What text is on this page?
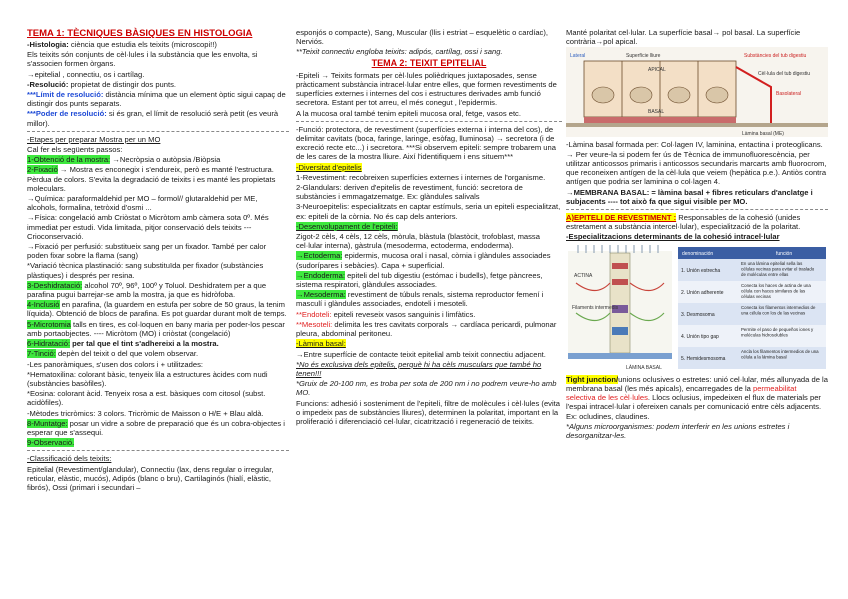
TEMA 1: TÈCNIQUES BÀSIQUES EN HISTOLOGIA

-Histologia: ciència que estudia els teixits (microscopi!!)

Els teixits són conjunts de cèl·lules i la substància que les envolta, si s'associen formen òrgans.

→epitelial , connectiu, os i cartílag.

-Resolució: propietat de distingir dos punts.

***Límit de resolució: distància mínima que un element òptic sigui capaç de distingir dos punts separats.

***Poder de resolució: si és gran, el límit de resolució serà petit (es veurà millor).

-Etapes per preparar Mostra per un MO

Cal fer els següents passos:

1-Obtenció de la mostra: →Necròpsia o autòpsia /Biòpsia

2-Fixació → Mostra es enconegix i s'endureix, però es manté l'estructura. Pèrdua de colors. S'evita la degradació de teixits i es manté les propietats moleculars.

→Química: paraformaldehid per MO – formol// glutaraldehid per ME, alcohols, formalina, tetròxid d'osmi ...

→Física: congelació amb Criòstat o Micròtom amb càmera sota 0º. Més immediat per estudi. Vida limitada, pitjor conservació dels teixits --- Crioconservació.

→Fixació per perfusió: substitueix sang per un fixador. També per calor poden fixar sobre la flama (sang)

*Variació tècnica plastinació: sang substituïda per fixador (substàncies plàstiques) i després per resina.

3-Deshidratació: alcohol 70º, 96º, 100º y Toluol. Deshidratem per a que parafina pugui barrejar-se amb la mostra, ja que es hidròfoba.

4-Inclusió en parafina, (la guardem en estufa per sobre de 50 graus, la tenim líquida). Obtenció de blocs de parafina. Es pot guardar durant molt de temps.

5-Microtomia talls en tires, es col·loquen en bany maria per poder-los pescar amb portaobjectes. ---- Micròtom (MO) i criòstat (congelació)

6-Hidratació: per tal que el tint s'adhereixi a la mostra.

7-Tinció: depèn del teixit o del que volem observar.

-Les panoràmiques, s'usen dos colors i + utilitzades:

*Hematoxilina: colorant bàsic, tenyeix lila a estructures àcides com nudi (substàncies basòfiles).

*Eosina: colorant àcid. Tenyeix rosa a est. bàsiques com citosol (subst. acidòfiles).

-Mètodes tricròmics: 3 colors. Tricròmic de Maisson o H/E + Blau aldà.

8-Muntatge: posar un vidre a sobre de preparació que és un cobra-objectes i esperar que s'assequi.

9-Observació.

-Classificació dels teixits:

Epitelial (Revestiment/glandular), Connectiu (lax, dens regular o irregular, reticular, elàstic, mucós), Adipós (blanc o bru), Cartilaginós (hialí, elàstic, fibrós), Ossi (primari i secundari –

esponjós o compacte), Sang, Muscular (llis i estriat – esquelètic o cardíac), Nerviós.

**Teixit connectiu engloba teixits: adipós, cartílag, ossi i sang.

TEMA 2: TEIXIT EPITELIAL

-Epiteli → Teixits formats per cèl·lules polièdriques juxtaposades, sense pràcticament substància intracel·lular entre elles, que formen revestiments de superfícies externes i internes del cos i estructures derivades amb funció secretora. Estant per tot arreu, el més conegut , l'epidermis.

A la mucosa oral també tenim epiteli mucosa oral, fetge, vasos etc.

-Funció: protectora, de revestiment (superfícies externa i interna del cos), de delimitar cavitats (boca, faringe, laringe, esòfag, lluminosa) → secretora (i de excreció recte etc...) i secretora. ***Si observem epiteli: sempre trobarem una de les cares de la mostra lliure. Així l'identifiquem i ens situem***

-Diversitat d'epitelis

1-Revestiment: recobreixen superfícies externes i internes de l'organisme.

2-Glandulars: deriven d'epitelis de revestiment, funció: secretora de substàncies i emmagatzematge. Ex: glàndules salivals

3-Neuroepitelis: especialitzats en captar estímuls, seria un epiteli especialitzat, ex: epiteli de la còrnia. No és cap dels anteriors.

-Desenvolupament de l'epiteli:

Zigot-2 cèls, 4 cèls, 12 cèls, mòrula, blàstula (blastòcit, trofoblast, massa cel·lular interna), gàstrula (mesoderma, ectoderma, endoderma).

→Ectoderma: epidermis, mucosa oral i nasal, còrnia i glàndules associades (sudorípares i sebàcies). Capa + superficial.

→Endoderma: epiteli del tub digestiu (estómac i budells), fetge pàncrees, sistema respiratori, glàndules associades.

→Mesoderma: revestiment de túbuls renals, sistema reproductor femení i masculí i glàndules associades, endoteli i mesoteli.

**Endoteli: epiteli reveseix vasos sanguinis i limfàtics.

**Mesoteli: delimita les tres cavitats corporals → cardíaca pericardi, pulmonar pleura, abdominal peritoneu.

-Làmina basal:

→Entre superfície de contacte teixit epitelial amb teixit connectiu adjacent.

*No és exclusiva dels epitelis, perquè hi ha cèls musculars que també ho tenen!!!

*Gruix de 20-100 nm, es troba per sota de 200 nm i no podrem veure-ho amb MO.

Funcions: adhesió i sosteniment de l'epiteli, filtre de molècules i cèl·lules (evita o impedeix pas de substàncies lliures), determinen la polaritat, important en la proliferació i diferenciació cel·lular, cicatrització i regeneració de teixits.

Manté polaritat cel·lular. La superfície basal→ pol basal. La superfície contrària→pol apical.

Lateral	Superfície lliure
APICAL
BASAL
Substàncies del tub digestiu
Cèl·lula del tub digestiu
Basolateral
Làmina basal (ME)

-Làmina basal formada per: Col·lagen IV, laminina, entactina i proteoglicans.

→ Per veure-la si podem fer ús de Tècnica de immunofluorescència, per utilitzar anticossos primaris i anticossos secundaris marcarts amb fluorocrom, que reconeixen antígen de la cèl·lula que veiem (hepàtica p.e.). Antiòs contra antígen que podria ser laminina o col·lagen 4.

→MEMBRANA BASAL: = làmina basal + fibres reticulars d'anclatge i subjacents ---- tot això fa que sigui visible per MO.

A)EPITELI DE REVESTIMENT : Responsables de la cohesió (unides estretament a substància intercel·lular), especialització de la polaritat.

-Especialitzacions determinants de la cohesió intracel·lular

ACTINA
Filaments intermedis
LÀMINA BASAL
denominación	función
1. Unión estrecha
En una lámina epitelial sella las células vecinas para evitar el traslado de moléculas entre ellas
2. Unión adherente
Conecta los haces de actina de una célula con haces similares de las células vecinas
3. Desmosoma
Conecta los filamentos intermedios de una célula con los de las vecinas
4. Unión tipo gap
Permite el paso de pequeños iones y moléculas hidrosolubles
5. Hemidesmosoma
Ancla los filamentos intermedios de una célula a la lámina basal

Tight junction/unions oclusives o estretes: unió cel·lular, més allunyada de la membrana basal (les més apicals), encarregades de la permeabilitat selectiva de les cèl·lules. Llocs oclusius, impedeixen el flux de materials per l'espai intracel·lular i ofereixen canals per comunicació entre cèls adjacents. Ex: ocludines, claudines.

*Alguns microorganismes: podem interferir en les unions estretes i desorganitzar-les.
